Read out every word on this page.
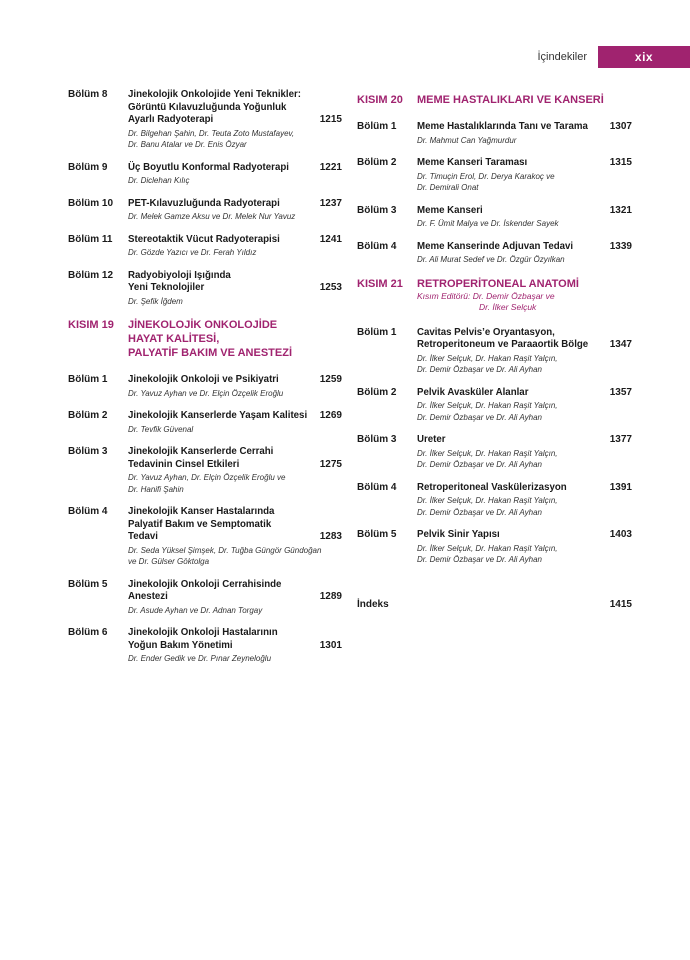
İçindekiler	xix
Bölüm 8	Jinekolojik Onkolojide Yeni Teknikler:
Görüntü Kılavuzluğunda Yoğunluk
Ayarlı Radyoterapi	1215
Dr. Bilgehan Şahin, Dr. Teuta Zoto Mustafayev,
Dr. Banu Atalar ve Dr. Enis Özyar
Bölüm 9	Üç Boyutlu Konformal Radyoterapi	1221
Dr. Diclehan Kılıç
Bölüm 10	PET-Kılavuzluğunda Radyoterapi	1237
Dr. Melek Gamze Aksu ve Dr. Melek Nur Yavuz
Bölüm 11	Stereotaktik Vücut Radyoterapisi	1241
Dr. Gözde Yazıcı ve Dr. Ferah Yıldız
Bölüm 12	Radyobiyoloji Işığında
Yeni Teknolojiler	1253
Dr. Şefik İğdem
KISIM 19	JİNEKOLOJİK ONKOLOJİDE
HAYAT KALİTESİ,
PALYATİF BAKIM VE ANESTEZİ
Bölüm 1	Jinekolojik Onkoloji ve Psikiyatri	1259
Dr. Yavuz Ayhan ve Dr. Elçin Özçelik Eroğlu
Bölüm 2	Jinekolojik Kanserlerde Yaşam Kalitesi	1269
Dr. Tevfik Güvenal
Bölüm 3	Jinekolojik Kanserlerde Cerrahi
Tedavinin Cinsel Etkileri	1275
Dr. Yavuz Ayhan, Dr. Elçin Özçelik Eroğlu ve
Dr. Hanifi Şahin
Bölüm 4	Jinekolojik Kanser Hastalarında
Palyatif Bakım ve Semptomatik
Tedavi	1283
Dr. Seda Yüksel Şimşek, Dr. Tuğba Güngör Gündoğan
ve Dr. Gülser Göktolga
Bölüm 5	Jinekolojik Onkoloji Cerrahisinde
Anestezi	1289
Dr. Asude Ayhan ve Dr. Adnan Torgay
Bölüm 6	Jinekolojik Onkoloji Hastalarının
Yoğun Bakım Yönetimi	1301
Dr. Ender Gedik ve Dr. Pınar Zeyneloğlu
KISIM 20	MEME HASTALIKLARI VE KANSERİ
Bölüm 1	Meme Hastalıklarında Tanı ve Tarama	1307
Dr. Mahmut Can Yağmurdur
Bölüm 2	Meme Kanseri Taraması	1315
Dr. Timuçin Erol, Dr. Derya Karakoç ve
Dr. Demirali Onat
Bölüm 3	Meme Kanseri	1321
Dr. F. Ümit Malya ve Dr. İskender Sayek
Bölüm 4	Meme Kanserinde Adjuvan Tedavi	1339
Dr. Ali Murat Sedef ve Dr. Özgür Özyılkan
KISIM 21	RETROPERİTONEAL ANATOMİ
Kısım Editörü: Dr. Demir Özbaşar ve
Dr. İlker Selçuk
Bölüm 1	Cavitas Pelvis’e Oryantasyon,
Retroperitoneum ve Paraaortik Bölge	1347
Dr. İlker Selçuk, Dr. Hakan Raşit Yalçın,
Dr. Demir Özbaşar ve Dr. Ali Ayhan
Bölüm 2	Pelvik Avasküler Alanlar	1357
Dr. İlker Selçuk, Dr. Hakan Raşit Yalçın,
Dr. Demir Özbaşar ve Dr. Ali Ayhan
Bölüm 3	Ureter	1377
Dr. İlker Selçuk, Dr. Hakan Raşit Yalçın,
Dr. Demir Özbaşar ve Dr. Ali Ayhan
Bölüm 4	Retroperitoneal Vaskülerizasyon	1391
Dr. İlker Selçuk, Dr. Hakan Raşit Yalçın,
Dr. Demir Özbaşar ve Dr. Ali Ayhan
Bölüm 5	Pelvik Sinir Yapısı	1403
Dr. İlker Selçuk, Dr. Hakan Raşit Yalçın,
Dr. Demir Özbaşar ve Dr. Ali Ayhan
İndeks	1415
